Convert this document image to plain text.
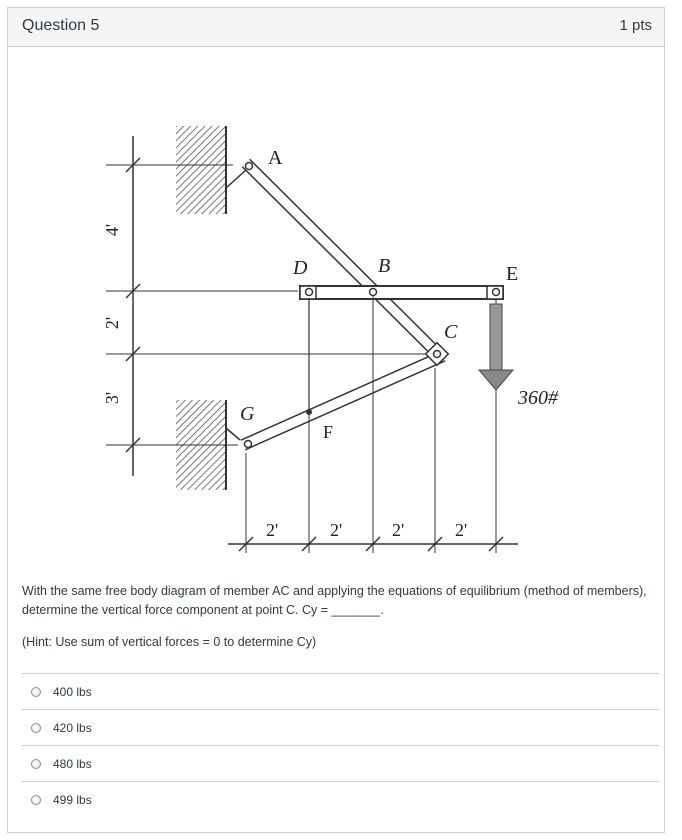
Question 5	1 pts
4'
2'
3'	360#
A
B
C
D	E
F
G
2'	2'	2'	2'

With the same free body diagram of member AC and applying the equations of equilibrium (method of members), determine the vertical force component at point C. Cy = _______.

(Hint: Use sum of vertical forces = 0 to determine Cy)

400 lbs
420 lbs
480 lbs
499 lbs
